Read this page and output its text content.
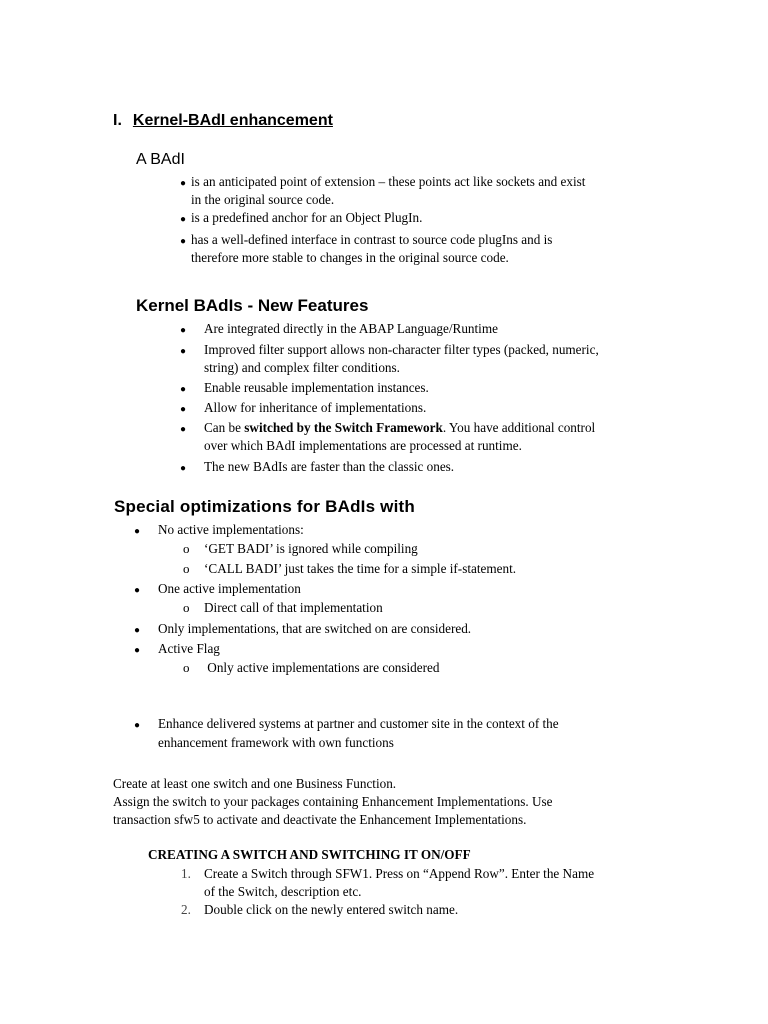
I. Kernel-BAdI enhancement
A BAdI
● is an anticipated point of extension – these points act like sockets and exist
in the original source code.
● is a predefined anchor for an Object PlugIn.
● has a well-defined interface in contrast to source code plugIns and is
therefore more stable to changes in the original source code.
Kernel BAdIs - New Features
● Are integrated directly in the ABAP Language/Runtime
● Improved filter support allows non-character filter types (packed, numeric,
string) and complex filter conditions.
● Enable reusable implementation instances.
● Allow for inheritance of implementations.
● Can be switched by the Switch Framework. You have additional control
over which BAdI implementations are processed at runtime.
● The new BAdIs are faster than the classic ones.
Special optimizations for BAdIs with
● No active implementations:
o ‘GET BADI’ is ignored while compiling
o ‘CALL BADI’ just takes the time for a simple if-statement.
● One active implementation
o Direct call of that implementation
● Only implementations, that are switched on are considered.
● Active Flag
o Only active implementations are considered
● Enhance delivered systems at partner and customer site in the context of the
enhancement framework with own functions
Create at least one switch and one Business Function.
Assign the switch to your packages containing Enhancement Implementations. Use
transaction sfw5 to activate and deactivate the Enhancement Implementations.
CREATING A SWITCH AND SWITCHING IT ON/OFF
1. Create a Switch through SFW1. Press on “Append Row”. Enter the Name
of the Switch, description etc.
2. Double click on the newly entered switch name.
